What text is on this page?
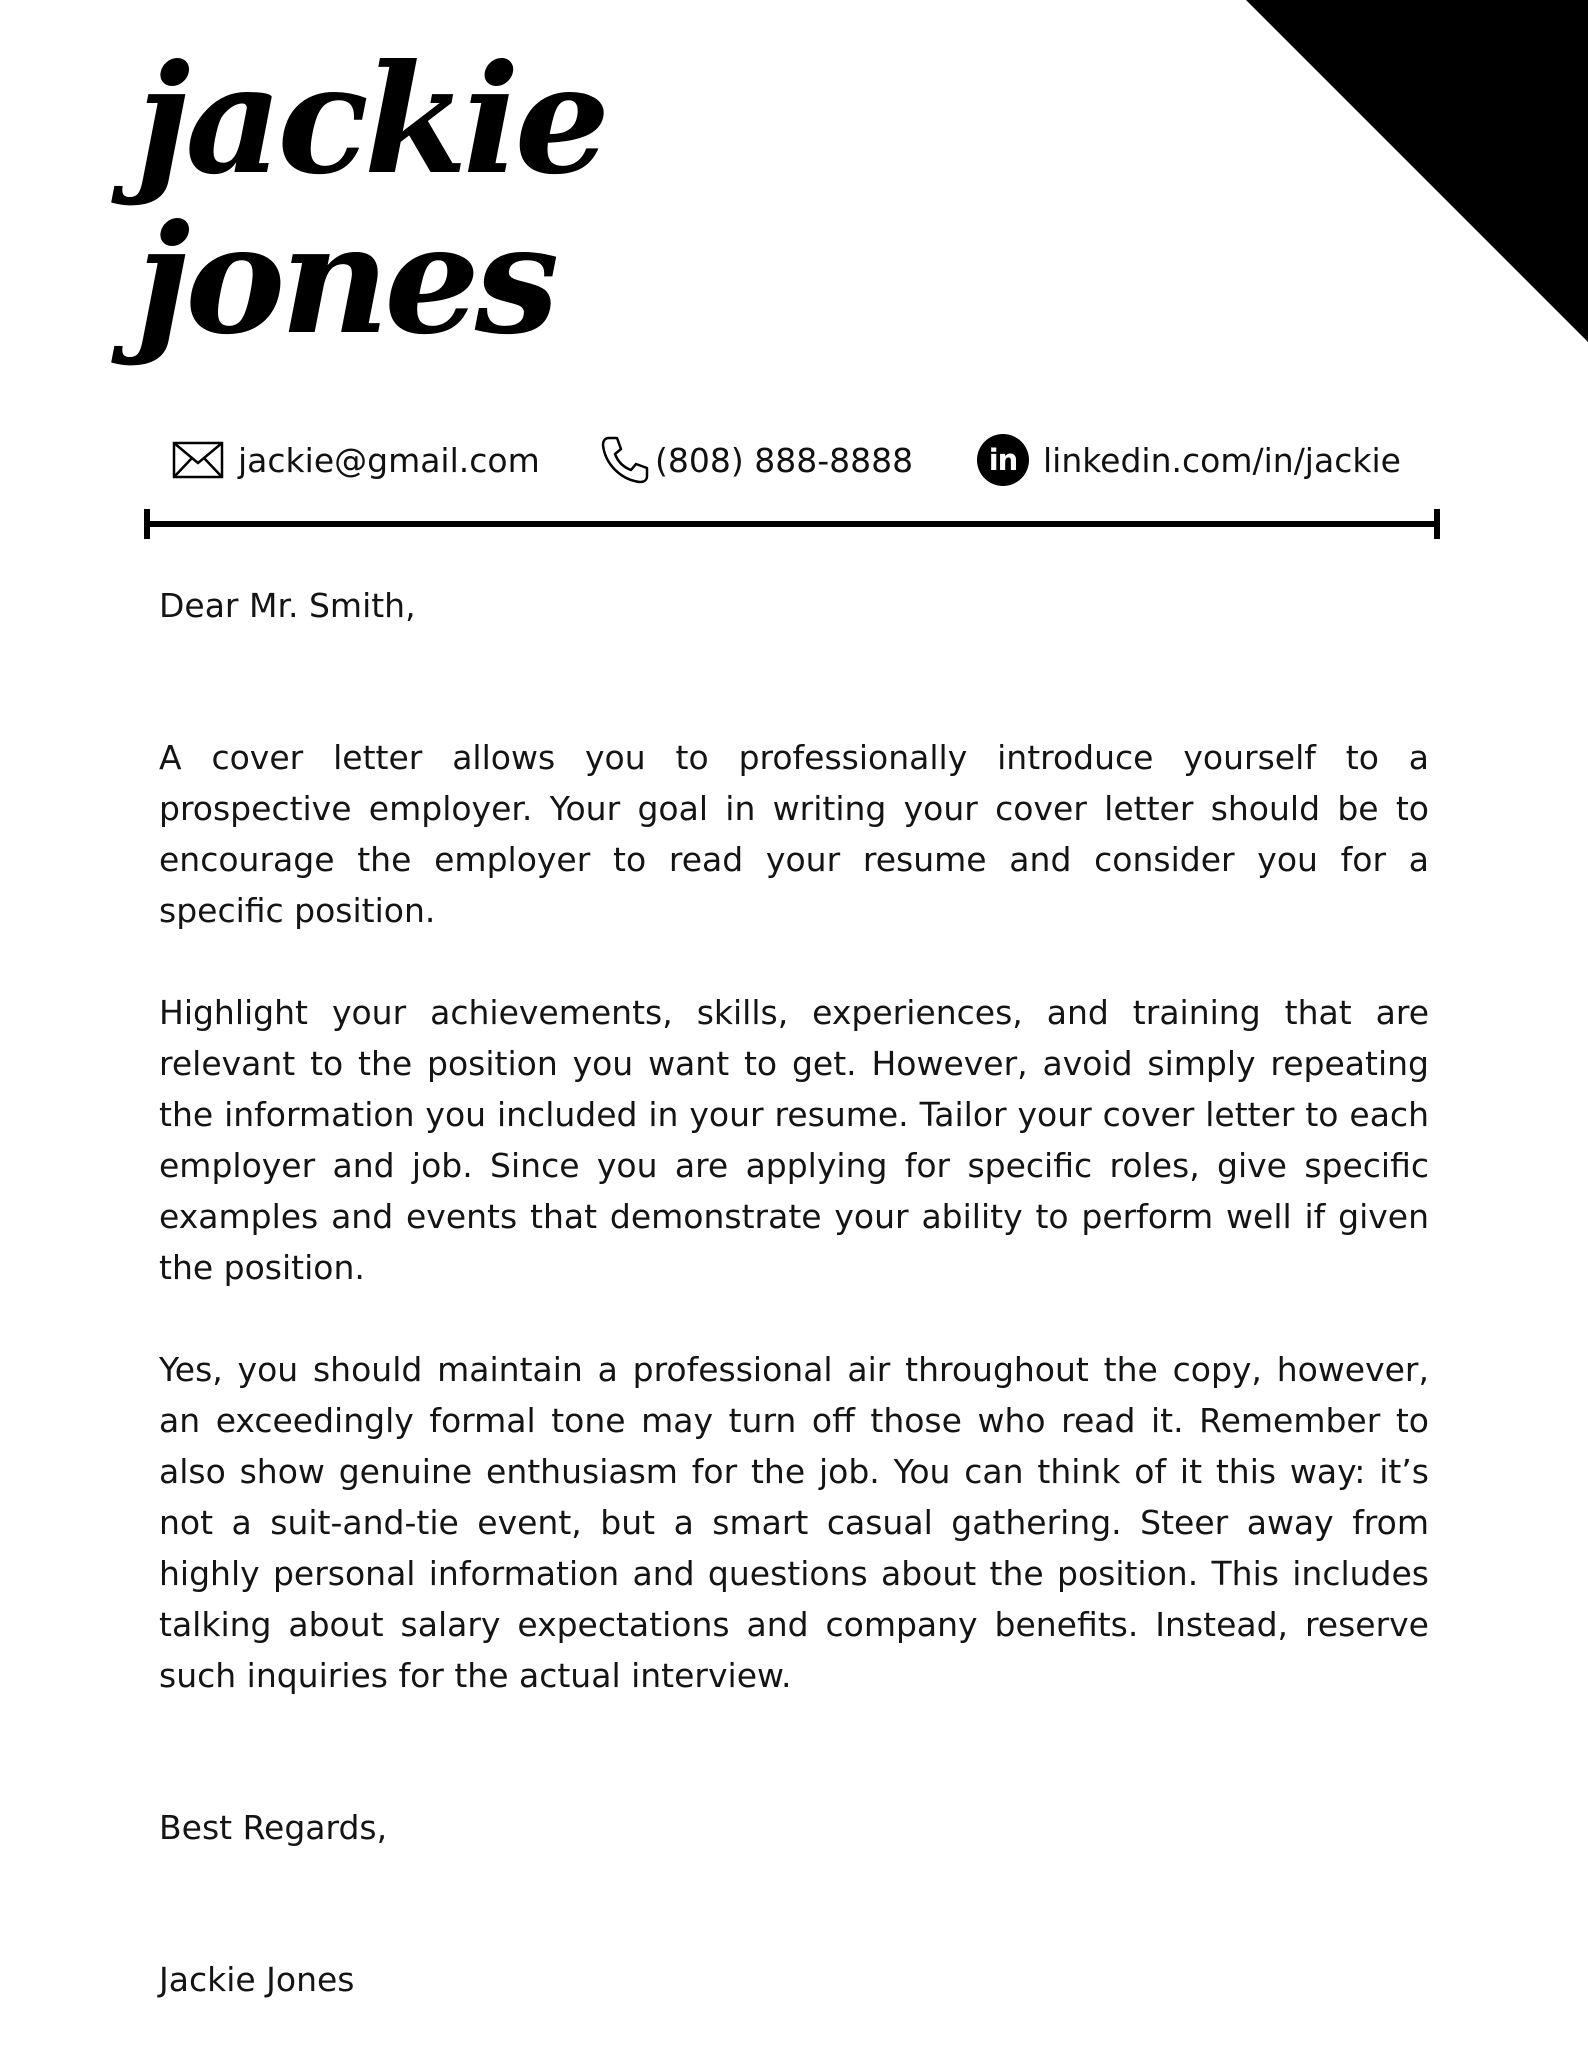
jackie
jones
jackie@gmail.com	(808) 888-8888	in linkedin.com/in/jackie

Dear Mr. Smith,

A cover letter allows you to professionally introduce yourself to a prospective employer. Your goal in writing your cover letter should be to encourage the employer to read your resume and consider you for a specific position.

Highlight your achievements, skills, experiences, and training that are relevant to the position you want to get. However, avoid simply repeating the information you included in your resume. Tailor your cover letter to each employer and job. Since you are applying for specific roles, give specific examples and events that demonstrate your ability to perform well if given the position.

Yes, you should maintain a professional air throughout the copy, however, an exceedingly formal tone may turn off those who read it. Remember to also show genuine enthusiasm for the job. You can think of it this way: it’s not a suit-and-tie event, but a smart casual gathering. Steer away from highly personal information and questions about the position. This includes talking about salary expectations and company benefits. Instead, reserve such inquiries for the actual interview.

Best Regards,

Jackie Jones
